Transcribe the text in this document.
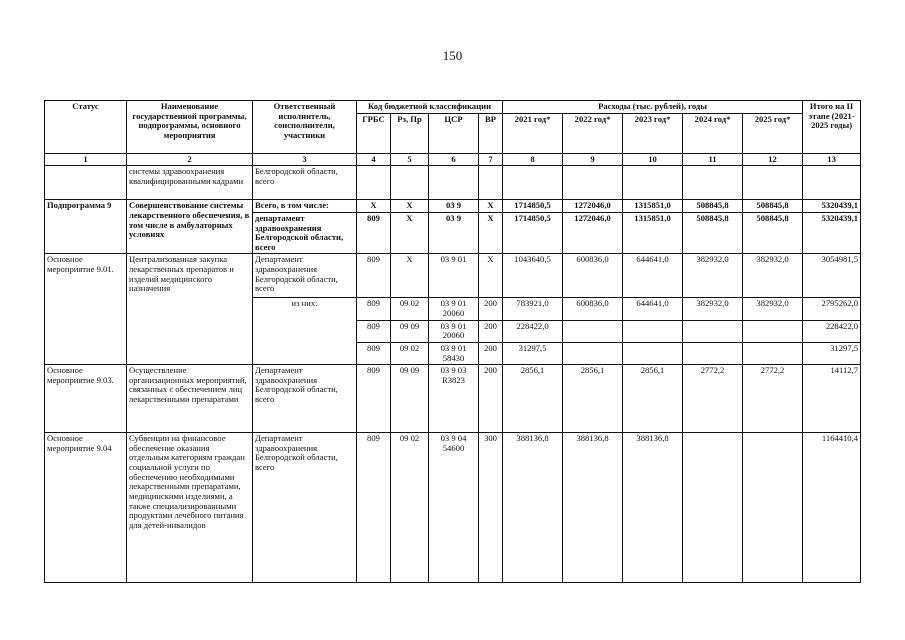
150
Статус	Наименование государственной программы, подпрограммы, основного мероприятия	Ответственный исполнитель, соисполнители, участники	Код бюджетной классификации				Расходы (тыс. рублей), годы					Итого на II этапе (2021-2025 годы)
			ГРБС	Рз, Пр	ЦСР	ВР	2021 год*	2022 год*	2023 год*	2024 год*	2025 год*	
1	2	3	4	5	6	7	8	9	10	11	12	13
	системы здравоохранения квалифицированными кадрами	Белгородской области, всего										
Подпрограмма 9	Совершенствование системы лекарственного обеспечения, в том числе в амбулаторных условиях	Всего, в том числе:	Х	Х	03 9	Х	1714850,5	1272046,0	1315851,0	508845,8	508845,8	5320439,1
		департамент здравоохранения Белгородской области, всего	809	Х	03 9	Х	1714850,5	1272046,0	1315851,0	508845,8	508845,8	5320439,1
Основное мероприятие 9.01.	Централизованная закупка лекарственных препаратов и изделий медицинского назначения	Департамент здравоохранения Белгородской области, всего	809	Х	03 9 01	Х	1043640,5	600836,0	644641,0	382932,0	382932,0	3054981,5
		из них:	809	09 02	03 9 01 20060	200	783921,0	600836,0	644641,0	382932,0	382932,0	2795262,0
			809	09 09	03 9 01 20060	200	228422,0					228422,0
			809	09 02	03 9 01 58430	200	31297,5					31297,5
Основное мероприятие 9.03.	Осуществление организационных мероприятий, связанных с обеспечением лиц лекарственными препаратами	Департамент здравоохранения Белгородской области, всего	809	09 09	03 9 03 R3823	200	2856,1	2856,1	2856,1	2772,2	2772,2	14112,7
Основное мероприятие 9.04	Субвенции на финансовое обеспечение оказания отдельным категориям граждан социальной услуги по обеспечению необходимыми лекарственными препаратами, медицинскими изделиями, а также специализированными продуктами лечебного питания для детей-инвалидов	Департамент здравоохранения Белгородской области, всего	809	09 02	03 9 04 54600	300	388136,8	388136,8	388136,8			1164410,4
